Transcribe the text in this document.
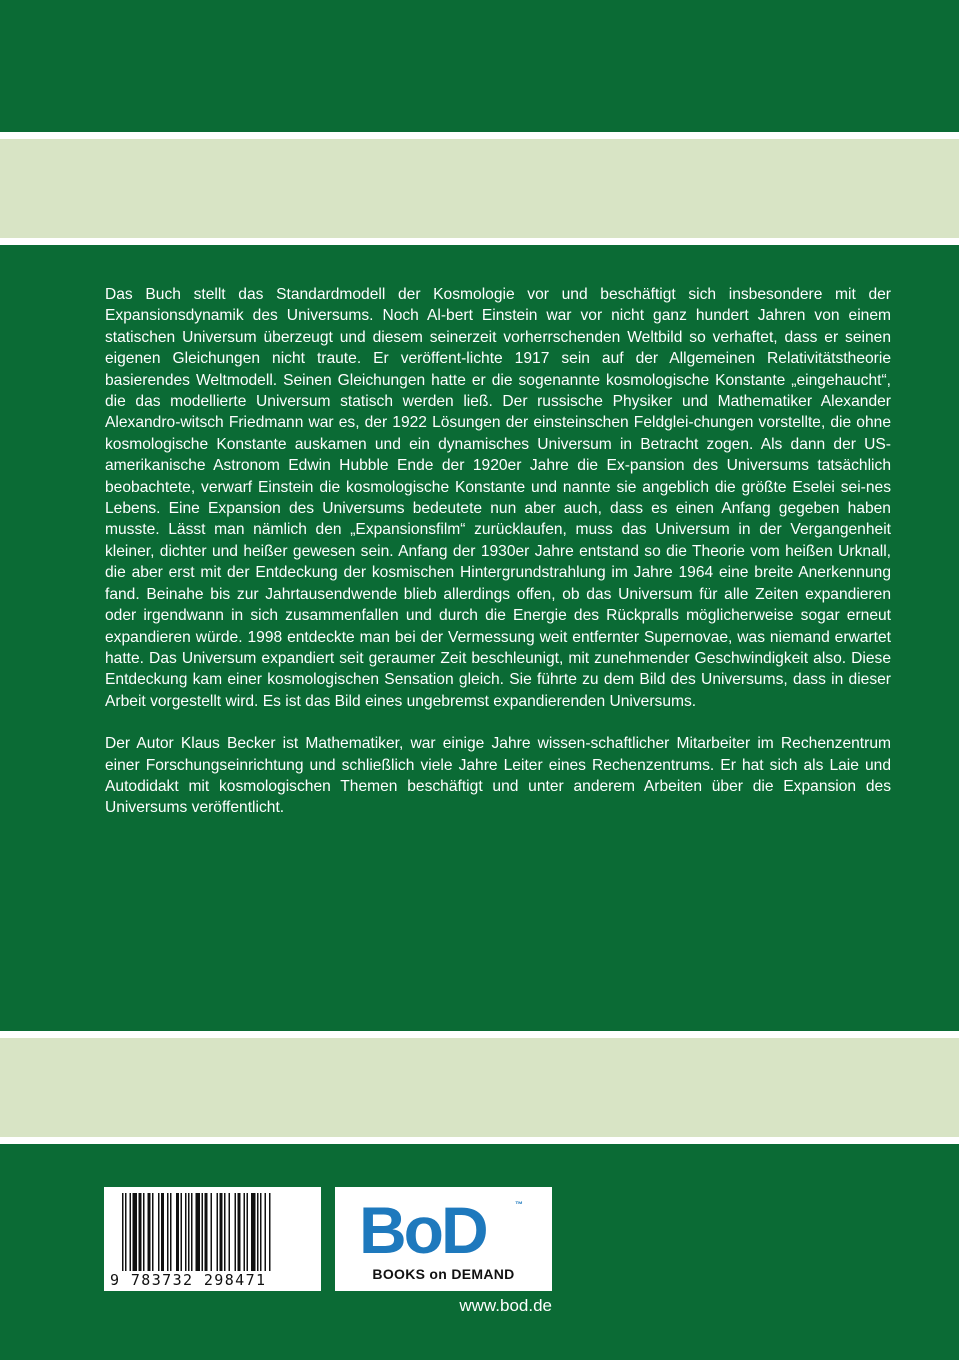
Das Buch stellt das Standardmodell der Kosmologie vor und beschäftigt sich insbesondere mit der Expansionsdynamik des Universums. Noch Al-bert Einstein war vor nicht ganz hundert Jahren von einem statischen Universum überzeugt und diesem seinerzeit vorherrschenden Weltbild so verhaftet, dass er seinen eigenen Gleichungen nicht traute. Er veröffent-lichte 1917 sein auf der Allgemeinen Relativitätstheorie basierendes Weltmodell. Seinen Gleichungen hatte er die sogenannte kosmologische Konstante „eingehaucht“, die das modellierte Universum statisch werden ließ. Der russische Physiker und Mathematiker Alexander Alexandro-witsch Friedmann war es, der 1922 Lösungen der einsteinschen Feldglei-chungen vorstellte, die ohne kosmologische Konstante auskamen und ein dynamisches Universum in Betracht zogen. Als dann der US-amerikanische Astronom Edwin Hubble Ende der 1920er Jahre die Ex-pansion des Universums tatsächlich beobachtete, verwarf Einstein die kosmologische Konstante und nannte sie angeblich die größte Eselei sei-nes Lebens. Eine Expansion des Universums bedeutete nun aber auch, dass es einen Anfang gegeben haben musste. Lässt man nämlich den „Expansionsfilm“ zurücklaufen, muss das Universum in der Vergangenheit kleiner, dichter und heißer gewesen sein. Anfang der 1930er Jahre entstand so die Theorie vom heißen Urknall, die aber erst mit der Entdeckung der kosmischen Hintergrundstrahlung im Jahre 1964 eine breite Anerkennung fand. Beinahe bis zur Jahrtausendwende blieb allerdings offen, ob das Universum für alle Zeiten expandieren oder irgendwann in sich zusammenfallen und durch die Energie des Rückpralls möglicherweise sogar erneut expandieren würde. 1998 entdeckte man bei der Vermessung weit entfernter Supernovae, was niemand erwartet hatte. Das Universum expandiert seit geraumer Zeit beschleunigt, mit zunehmender Geschwindigkeit also. Diese Entdeckung kam einer kosmologischen Sensation gleich. Sie führte zu dem Bild des Universums, dass in dieser Arbeit vorgestellt wird. Es ist das Bild eines ungebremst expandierenden Universums.

Der Autor Klaus Becker ist Mathematiker, war einige Jahre wissen-schaftlicher Mitarbeiter im Rechenzentrum einer Forschungseinrichtung und schließlich viele Jahre Leiter eines Rechenzentrums. Er hat sich als Laie und Autodidakt mit kosmologischen Themen beschäftigt und unter anderem Arbeiten über die Expansion des Universums veröffentlicht.

9 783732 298471
BoD	™
BOOKS on DEMAND
www.bod.de
